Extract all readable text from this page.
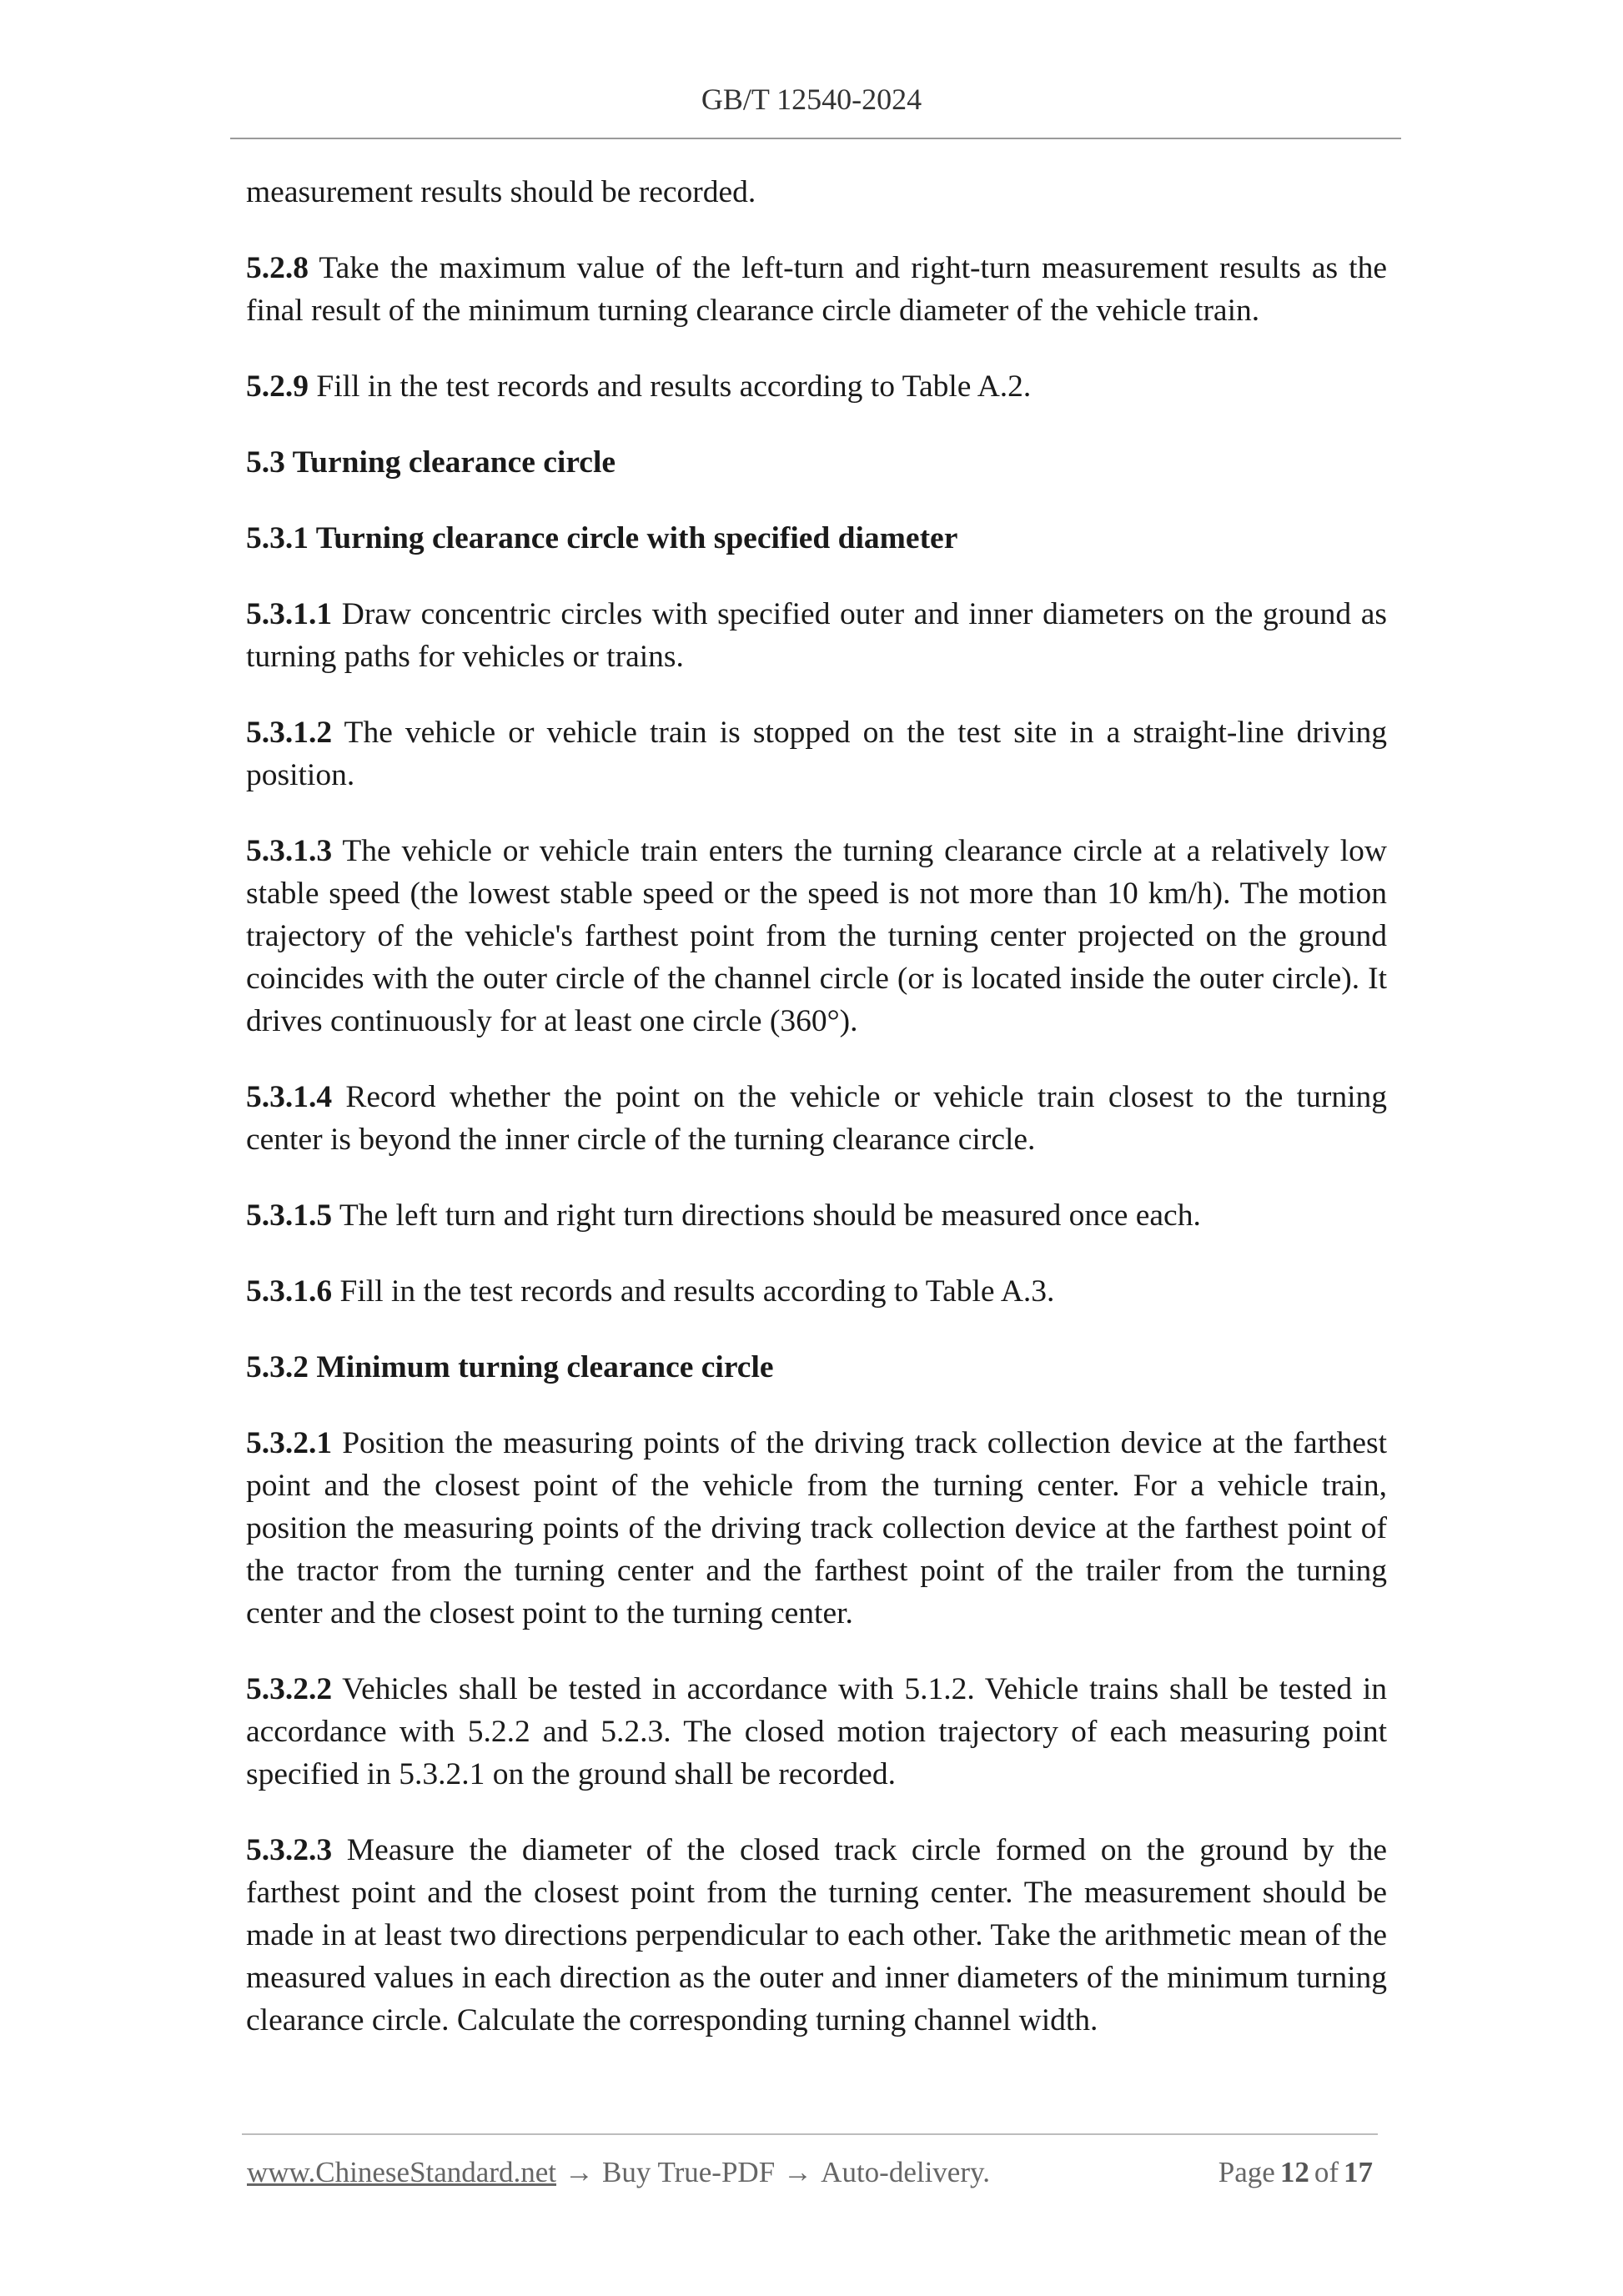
GB/T 12540-2024

measurement results should be recorded.

5.2.8 Take the maximum value of the left-turn and right-turn measurement results as the final result of the minimum turning clearance circle diameter of the vehicle train.

5.2.9 Fill in the test records and results according to Table A.2.

5.3 Turning clearance circle

5.3.1 Turning clearance circle with specified diameter

5.3.1.1 Draw concentric circles with specified outer and inner diameters on the ground as turning paths for vehicles or trains.

5.3.1.2 The vehicle or vehicle train is stopped on the test site in a straight-line driving position.

5.3.1.3 The vehicle or vehicle train enters the turning clearance circle at a relatively low stable speed (the lowest stable speed or the speed is not more than 10 km/h). The motion trajectory of the vehicle's farthest point from the turning center projected on the ground coincides with the outer circle of the channel circle (or is located inside the outer circle). It drives continuously for at least one circle (360°).

5.3.1.4 Record whether the point on the vehicle or vehicle train closest to the turning center is beyond the inner circle of the turning clearance circle.

5.3.1.5 The left turn and right turn directions should be measured once each.

5.3.1.6 Fill in the test records and results according to Table A.3.

5.3.2 Minimum turning clearance circle

5.3.2.1 Position the measuring points of the driving track collection device at the farthest point and the closest point of the vehicle from the turning center. For a vehicle train, position the measuring points of the driving track collection device at the farthest point of the tractor from the turning center and the farthest point of the trailer from the turning center and the closest point to the turning center.

5.3.2.2 Vehicles shall be tested in accordance with 5.1.2. Vehicle trains shall be tested in accordance with 5.2.2 and 5.2.3. The closed motion trajectory of each measuring point specified in 5.3.2.1 on the ground shall be recorded.

5.3.2.3 Measure the diameter of the closed track circle formed on the ground by the farthest point and the closest point from the turning center. The measurement should be made in at least two directions perpendicular to each other. Take the arithmetic mean of the measured values in each direction as the outer and inner diameters of the minimum turning clearance circle. Calculate the corresponding turning channel width.

www.ChineseStandard.net → Buy True-PDF → Auto-delivery.	Page 12 of 17
